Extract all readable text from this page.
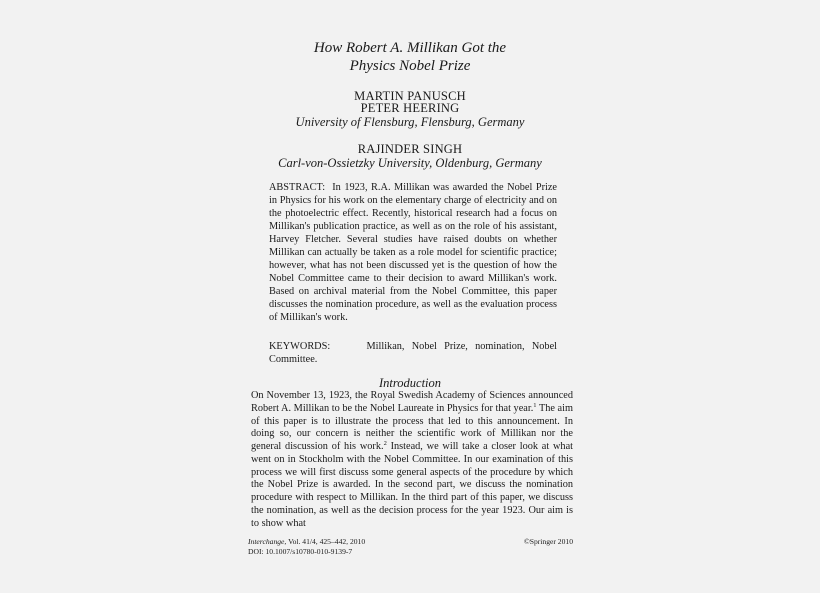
How Robert A. Millikan Got the
Physics Nobel Prize
MARTIN PANUSCH
PETER HEERING
University of Flensburg, Flensburg, Germany
RAJINDER SINGH
Carl-von-Ossietzky University, Oldenburg, Germany
ABSTRACT: In 1923, R.A. Millikan was awarded the Nobel Prize in Physics for his work on the elementary charge of electricity and on the photoelectric effect. Recently, historical research had a focus on Millikan's publication practice, as well as on the role of his assistant, Harvey Fletcher. Several studies have raised doubts on whether Millikan can actually be taken as a role model for scientific practice; however, what has not been discussed yet is the question of how the Nobel Committee came to their decision to award Millikan's work. Based on archival material from the Nobel Committee, this paper discusses the nomination procedure, as well as the evaluation process of Millikan's work.
KEYWORDS:	Millikan, Nobel Prize, nomination, Nobel Committee.
Introduction

On November 13, 1923, the Royal Swedish Academy of Sciences announced Robert A. Millikan to be the Nobel Laureate in Physics for that year.$^1$ The aim of this paper is to illustrate the process that led to this announcement. In doing so, our concern is neither the scientific work of Millikan nor the general discussion of his work.$^2$ Instead, we will take a closer look at what went on in Stockholm with the Nobel Committee. In our examination of this process we will first discuss some general aspects of the procedure by which the Nobel Prize is awarded. In the second part, we discuss the nomination procedure with respect to Millikan. In the third part of this paper, we discuss the nomination, as well as the decision process for the year 1923. Our aim is to show what

Interchange, Vol. 41/4, 425–442, 2010
DOI: 10.1007/s10780-010-9139-7
©Springer 2010
